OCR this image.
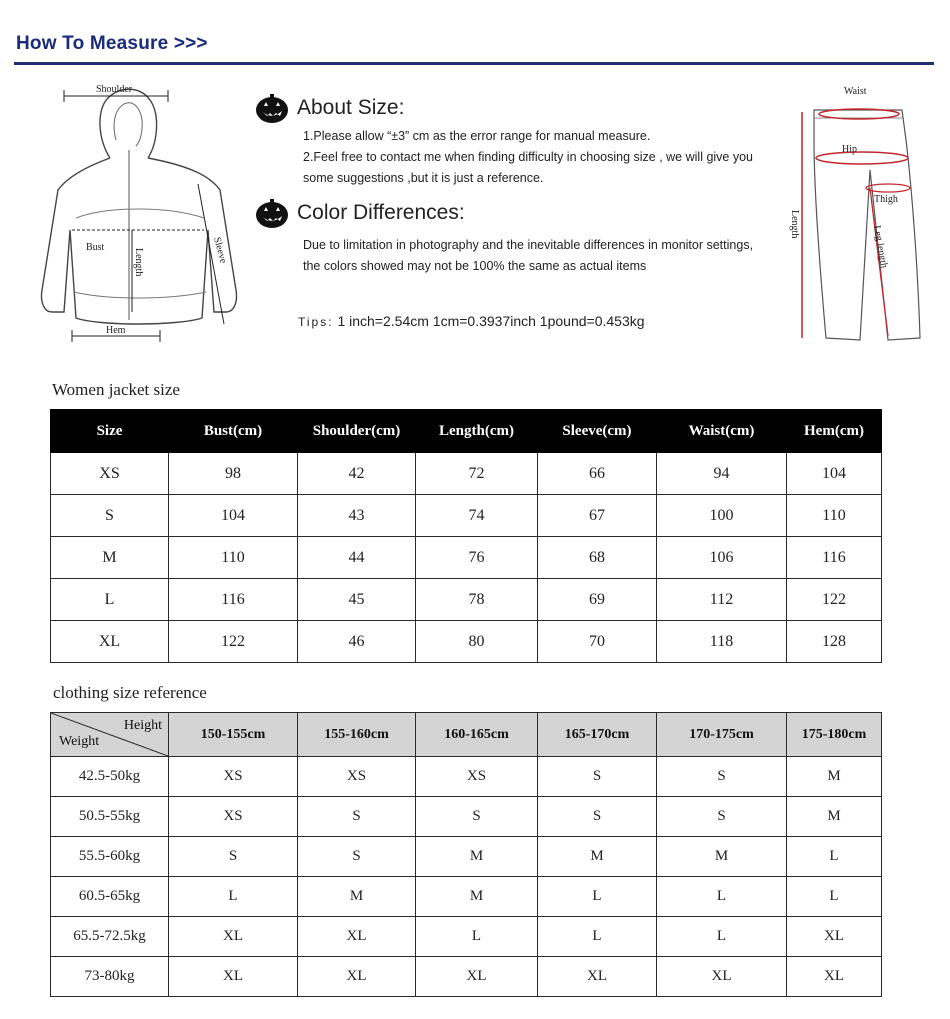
How To Measure >>>
Shoulder
Bust
Length	Sleeve
Hem
Waist
Hip
Thigh
Length
Leg length
About Size:

1.Please allow “±3” cm as the error range for manual measure.

2.Feel free to contact me when finding difficulty in choosing size , we will give you

some suggestions ,but it is just a reference.

Color Differences:

Due to limitation in photography and the inevitable differences in monitor settings,

the colors showed may not be 100% the same as actual items

Tips: 1 inch=2.54cm 1cm=0.3937inch 1pound=0.453kg
Women jacket size
Size	Bust(cm)	Shoulder(cm)	Length(cm)	Sleeve(cm)	Waist(cm)	Hem(cm)
XS	98	42	72	66	94	104
S	104	43	74	67	100	110
M	110	44	76	68	106	116
L	116	45	78	69	112	122
XL	122	46	80	70	118	128
clothing size reference
Height
Weight	150-155cm	155-160cm	160-165cm	165-170cm	170-175cm	175-180cm
42.5-50kg	XS	XS	XS	S	S	M
50.5-55kg	XS	S	S	S	S	M
55.5-60kg	S	S	M	M	M	L
60.5-65kg	L	M	M	L	L	L
65.5-72.5kg	XL	XL	L	L	L	XL
73-80kg	XL	XL	XL	XL	XL	XL
